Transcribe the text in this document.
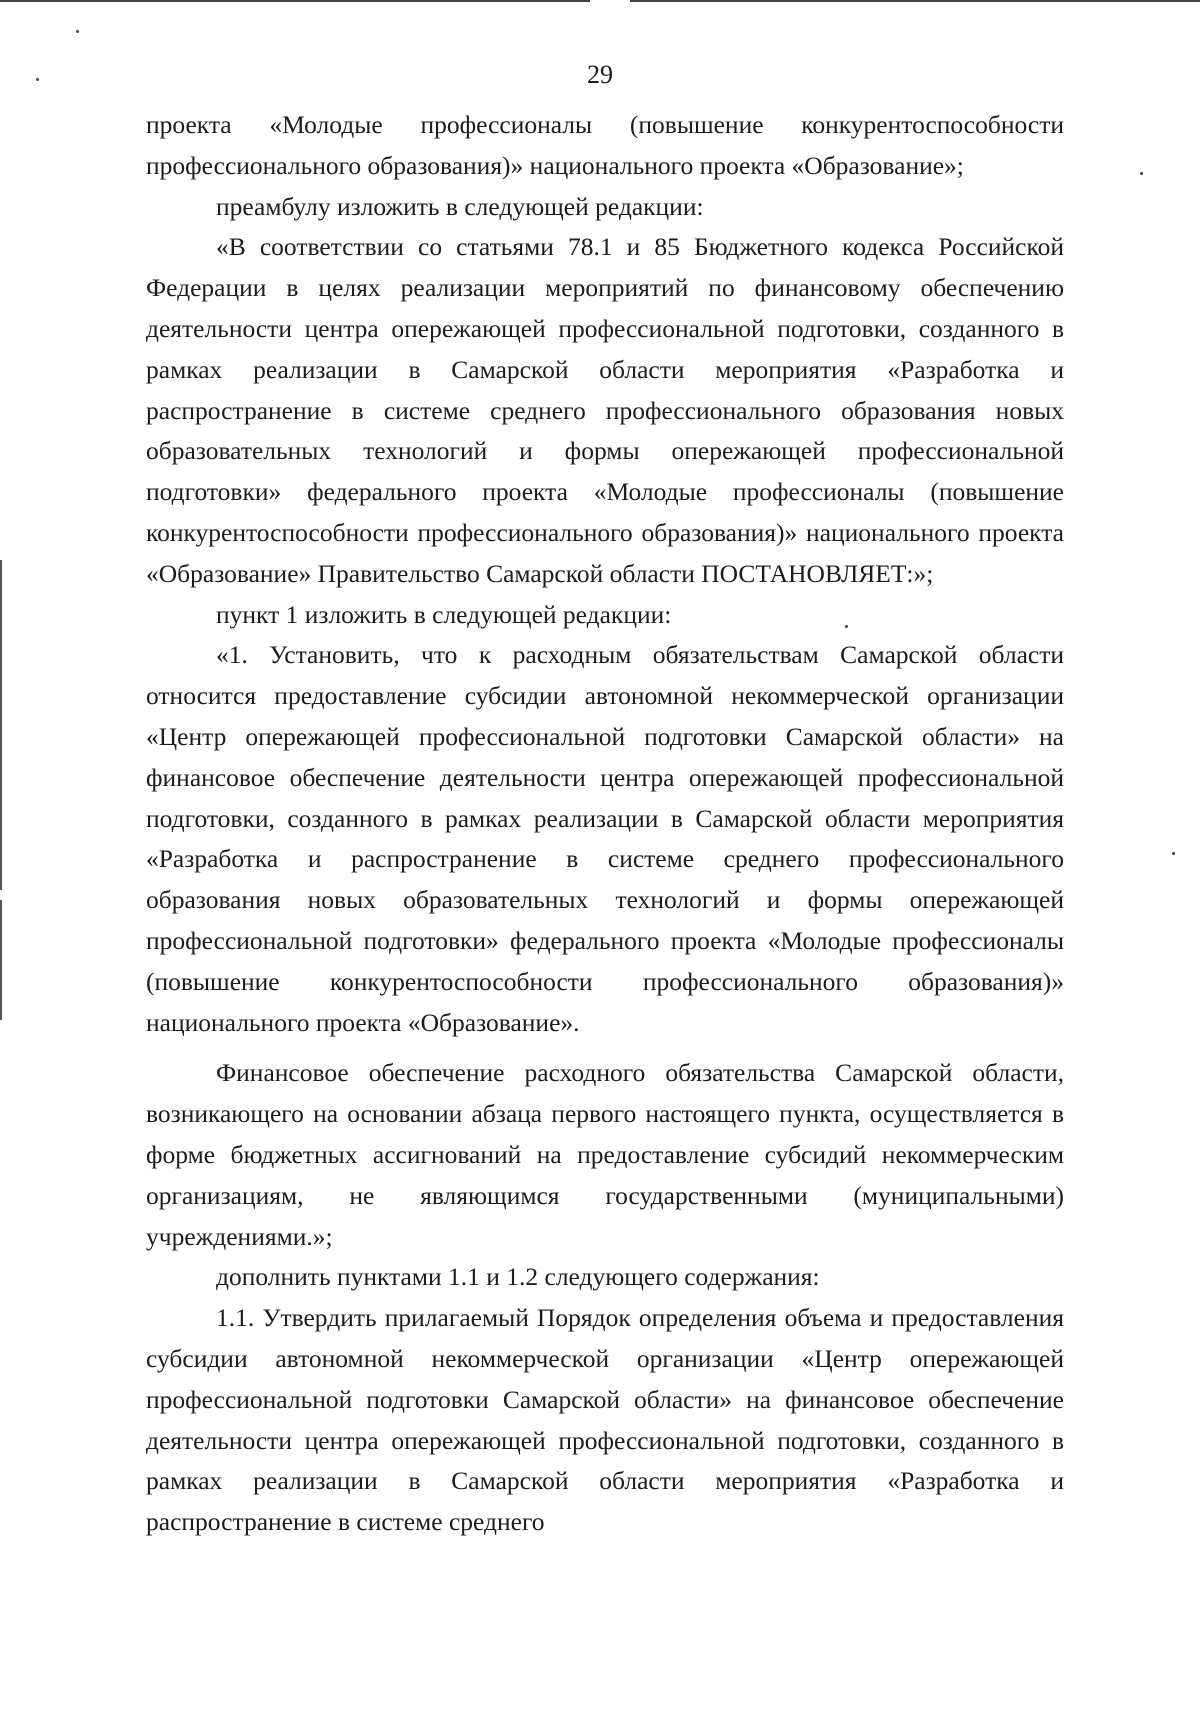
29

проекта «Молодые профессионалы (повышение конкурентоспособности профессионального образования)» национального проекта «Образование»;

преамбулу изложить в следующей редакции:

«В соответствии со статьями 78.1 и 85 Бюджетного кодекса Российской Федерации в целях реализации мероприятий по финансовому обеспечению деятельности центра опережающей профессиональной подготовки, созданного в рамках реализации в Самарской области мероприятия «Разработка и распространение в системе среднего профессионального образования новых образовательных технологий и формы опережающей профессиональной подготовки» федерального проекта «Молодые профессионалы (повышение конкурентоспособности профессионального образования)» национального проекта «Образование» Правительство Самарской области ПОСТАНОВЛЯЕТ:»;

пункт 1 изложить в следующей редакции:

«1. Установить, что к расходным обязательствам Самарской области относится предоставление субсидии автономной некоммерческой организации «Центр опережающей профессиональной подготовки Самарской области» на финансовое обеспечение деятельности центра опережающей профессиональной подготовки, созданного в рамках реализации в Самарской области мероприятия «Разработка и распространение в системе среднего профессионального образования новых образовательных технологий и формы опережающей профессиональной подготовки» федерального проекта «Молодые профессионалы (повышение конкурентоспособности профессионального образования)» национального проекта «Образование».

Финансовое обеспечение расходного обязательства Самарской области, возникающего на основании абзаца первого настоящего пункта, осуществляется в форме бюджетных ассигнований на предоставление субсидий некоммерческим организациям, не являющимся государственными (муниципальными) учреждениями.»;

дополнить пунктами 1.1 и 1.2 следующего содержания:

1.1. Утвердить прилагаемый Порядок определения объема и предоставления субсидии автономной некоммерческой организации «Центр опережающей профессиональной подготовки Самарской области» на финансовое обеспечение деятельности центра опережающей профессиональной подготовки, созданного в рамках реализации в Самарской области мероприятия «Разработка и распространение в системе среднего
